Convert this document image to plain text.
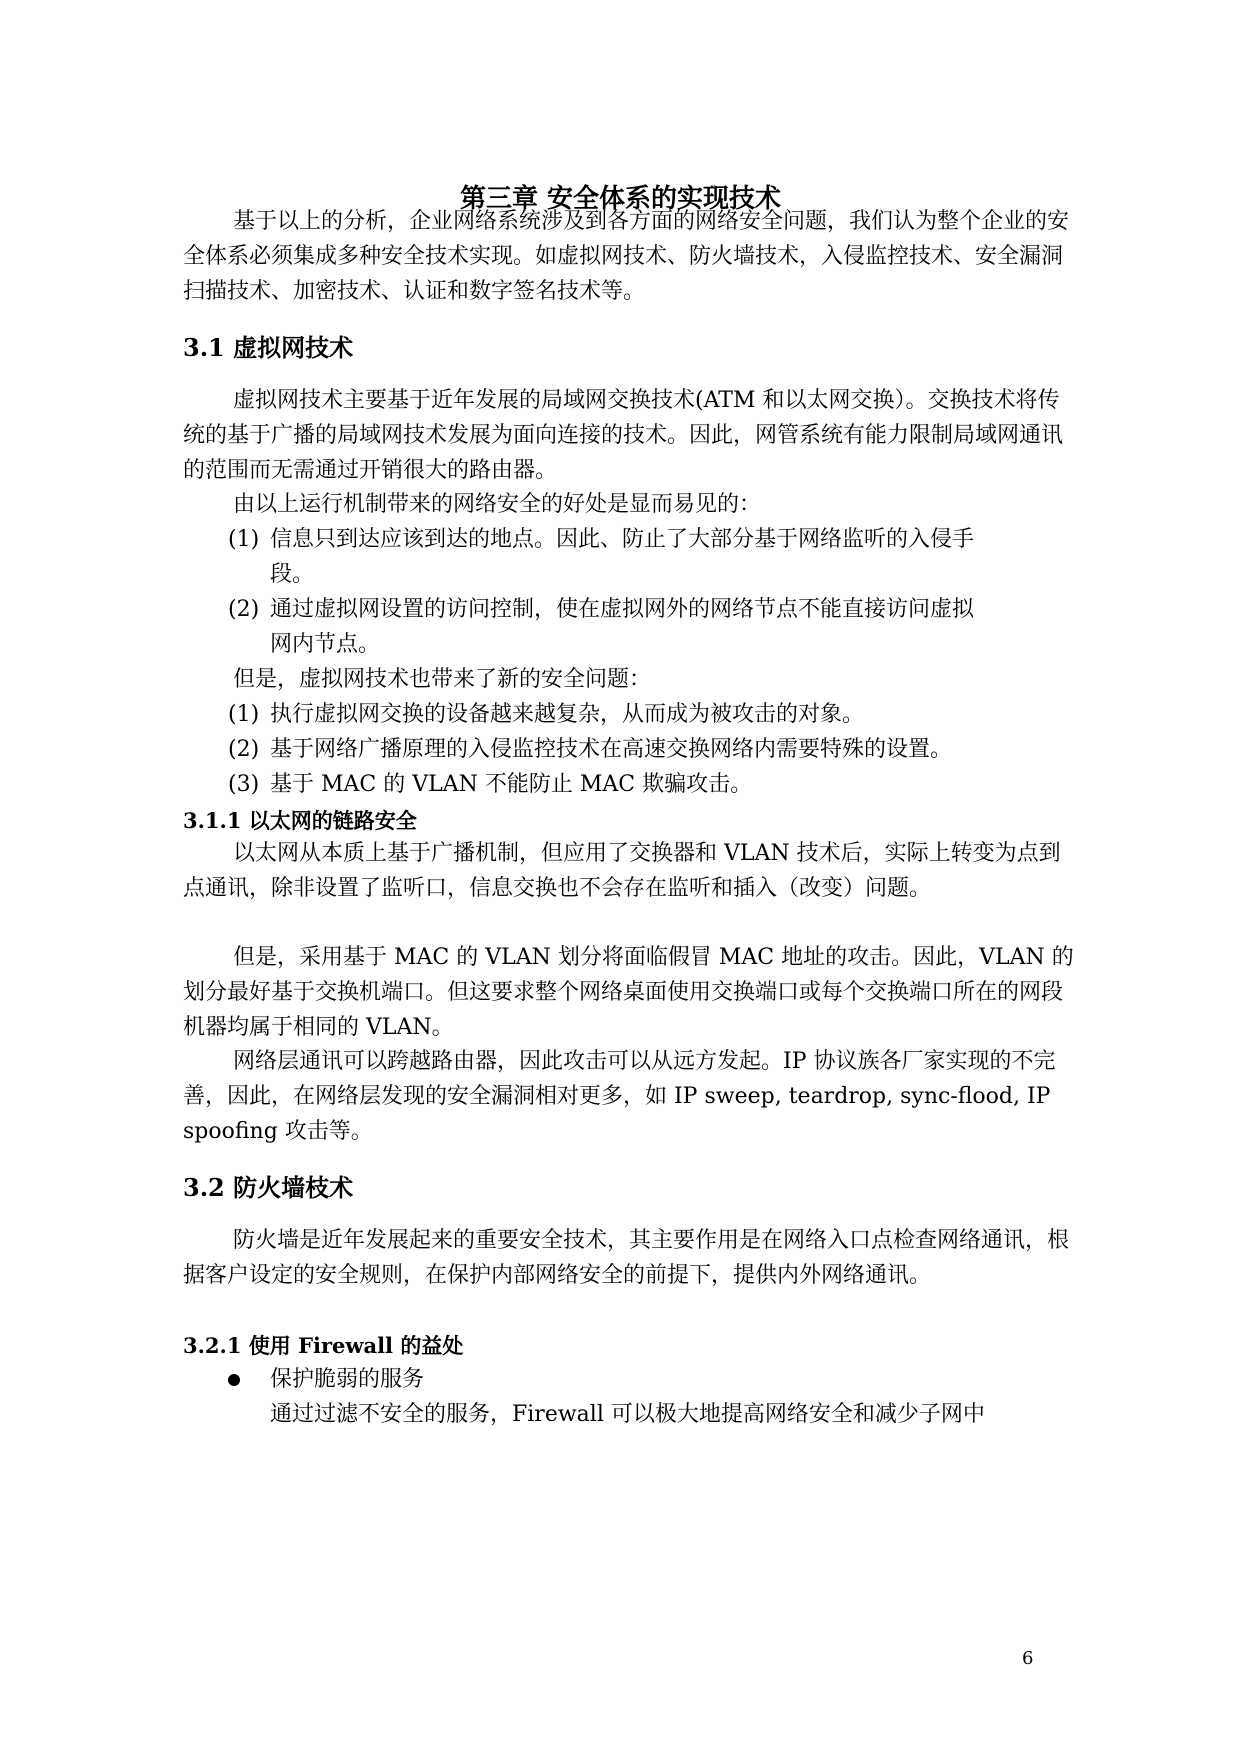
第三章 安全体系的实现技术

基于以上的分析，企业网络系统涉及到各方面的网络安全问题，我们认为整个企业的安全体系必须集成多种安全技术实现。如虚拟网技术、防火墙技术，入侵监控技术、安全漏洞扫描技术、加密技术、认证和数字签名技术等。

3.1 虚拟网技术

虚拟网技术主要基于近年发展的局域网交换技术(ATM 和以太网交换）。交换技术将传统的基于广播的局域网技术发展为面向连接的技术。因此，网管系统有能力限制局域网通讯的范围而无需通过开销很大的路由器。

由以上运行机制带来的网络安全的好处是显而易见的：

(1) 信息只到达应该到达的地点。因此、防止了大部分基于网络监听的入侵手
段。
(2) 通过虚拟网设置的访问控制，使在虚拟网外的网络节点不能直接访问虚拟
网内节点。

但是，虚拟网技术也带来了新的安全问题：

(1) 执行虚拟网交换的设备越来越复杂，从而成为被攻击的对象。
(2) 基于网络广播原理的入侵监控技术在高速交换网络内需要特殊的设置。
(3) 基于 MAC 的 VLAN 不能防止 MAC 欺骗攻击。
3.1.1 以太网的链路安全

以太网从本质上基于广播机制，但应用了交换器和 VLAN 技术后，实际上转变为点到点通讯，除非设置了监听口，信息交换也不会存在监听和插入（改变）问题。

但是，采用基于 MAC 的 VLAN 划分将面临假冒 MAC 地址的攻击。因此，VLAN 的划分最好基于交换机端口。但这要求整个网络桌面使用交换端口或每个交换端口所在的网段机器均属于相同的 VLAN。

网络层通讯可以跨越路由器，因此攻击可以从远方发起。IP 协议族各厂家实现的不完善，因此，在网络层发现的安全漏洞相对更多，如 IP sweep, teardrop, sync-flood, IP spoofing 攻击等。

3.2 防火墙枝术

防火墙是近年发展起来的重要安全技术，其主要作用是在网络入口点检查网络通讯，根据客户设定的安全规则，在保护内部网络安全的前提下，提供内外网络通讯。

3.2.1 使用 Firewall 的益处
保护脆弱的服务
通过过滤不安全的服务，Firewall 可以极大地提高网络安全和减少子网中
6
